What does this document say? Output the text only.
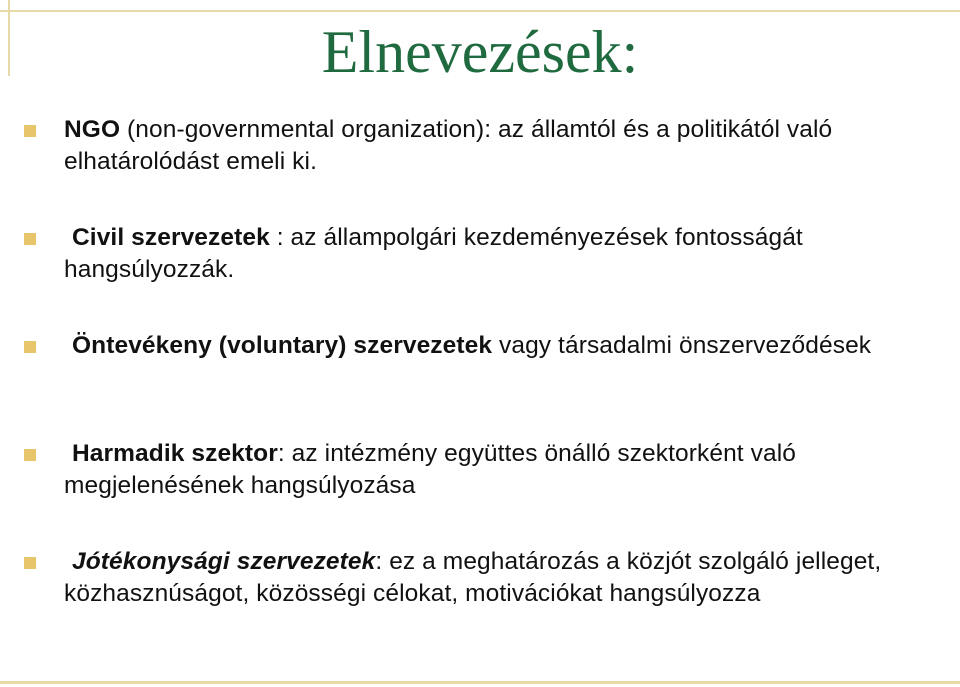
Elnevezések:
NGO (non-governmental organization): az államtól és a politikától való elhatárolódást emeli ki.
Civil szervezetek : az állampolgári kezdeményezések fontosságát hangsúlyozzák.
Öntevékeny (voluntary) szervezetek vagy társadalmi önszerveződések
Harmadik szektor: az intézmény együttes önálló szektorként való megjelenésének hangsúlyozása
Jótékonysági szervezetek: ez a meghatározás a közjót szolgáló jelleget, közhasznúságot, közösségi célokat, motivációkat hangsúlyozza
